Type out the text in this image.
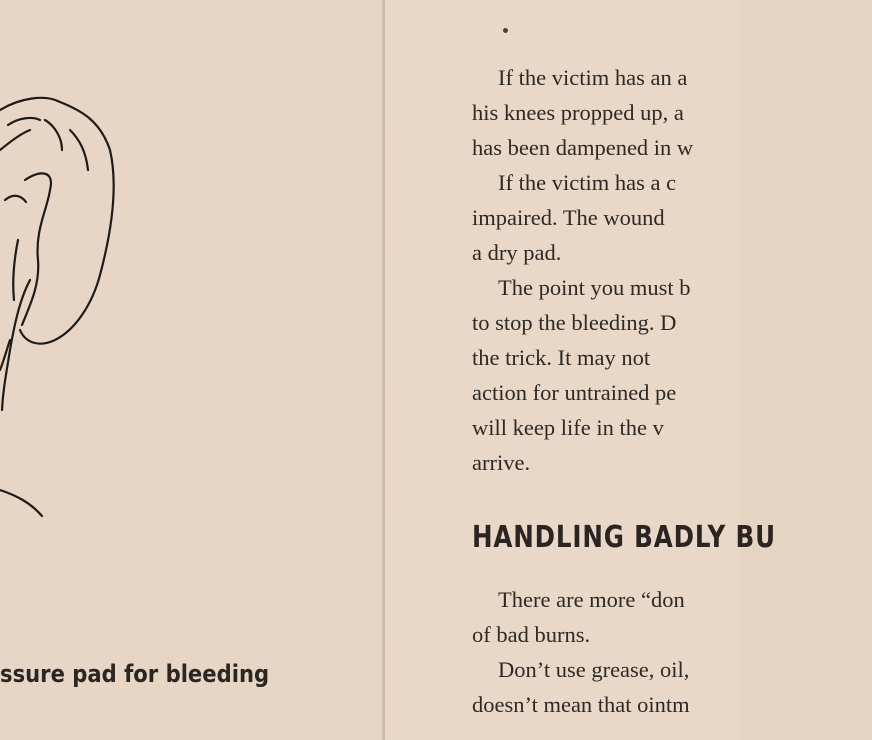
ssure pad for bleeding
If the victim has an a
his knees propped up, a
has been dampened in w
If the victim has a c
impaired. The wound
a dry pad.
The point you must b
to stop the bleeding. D
the trick. It may not
action for untrained pe
will keep life in the v
arrive.
HANDLING BADLY BU
There are more “don
of bad burns.
Don’t use grease, oil,
doesn’t mean that ointm
